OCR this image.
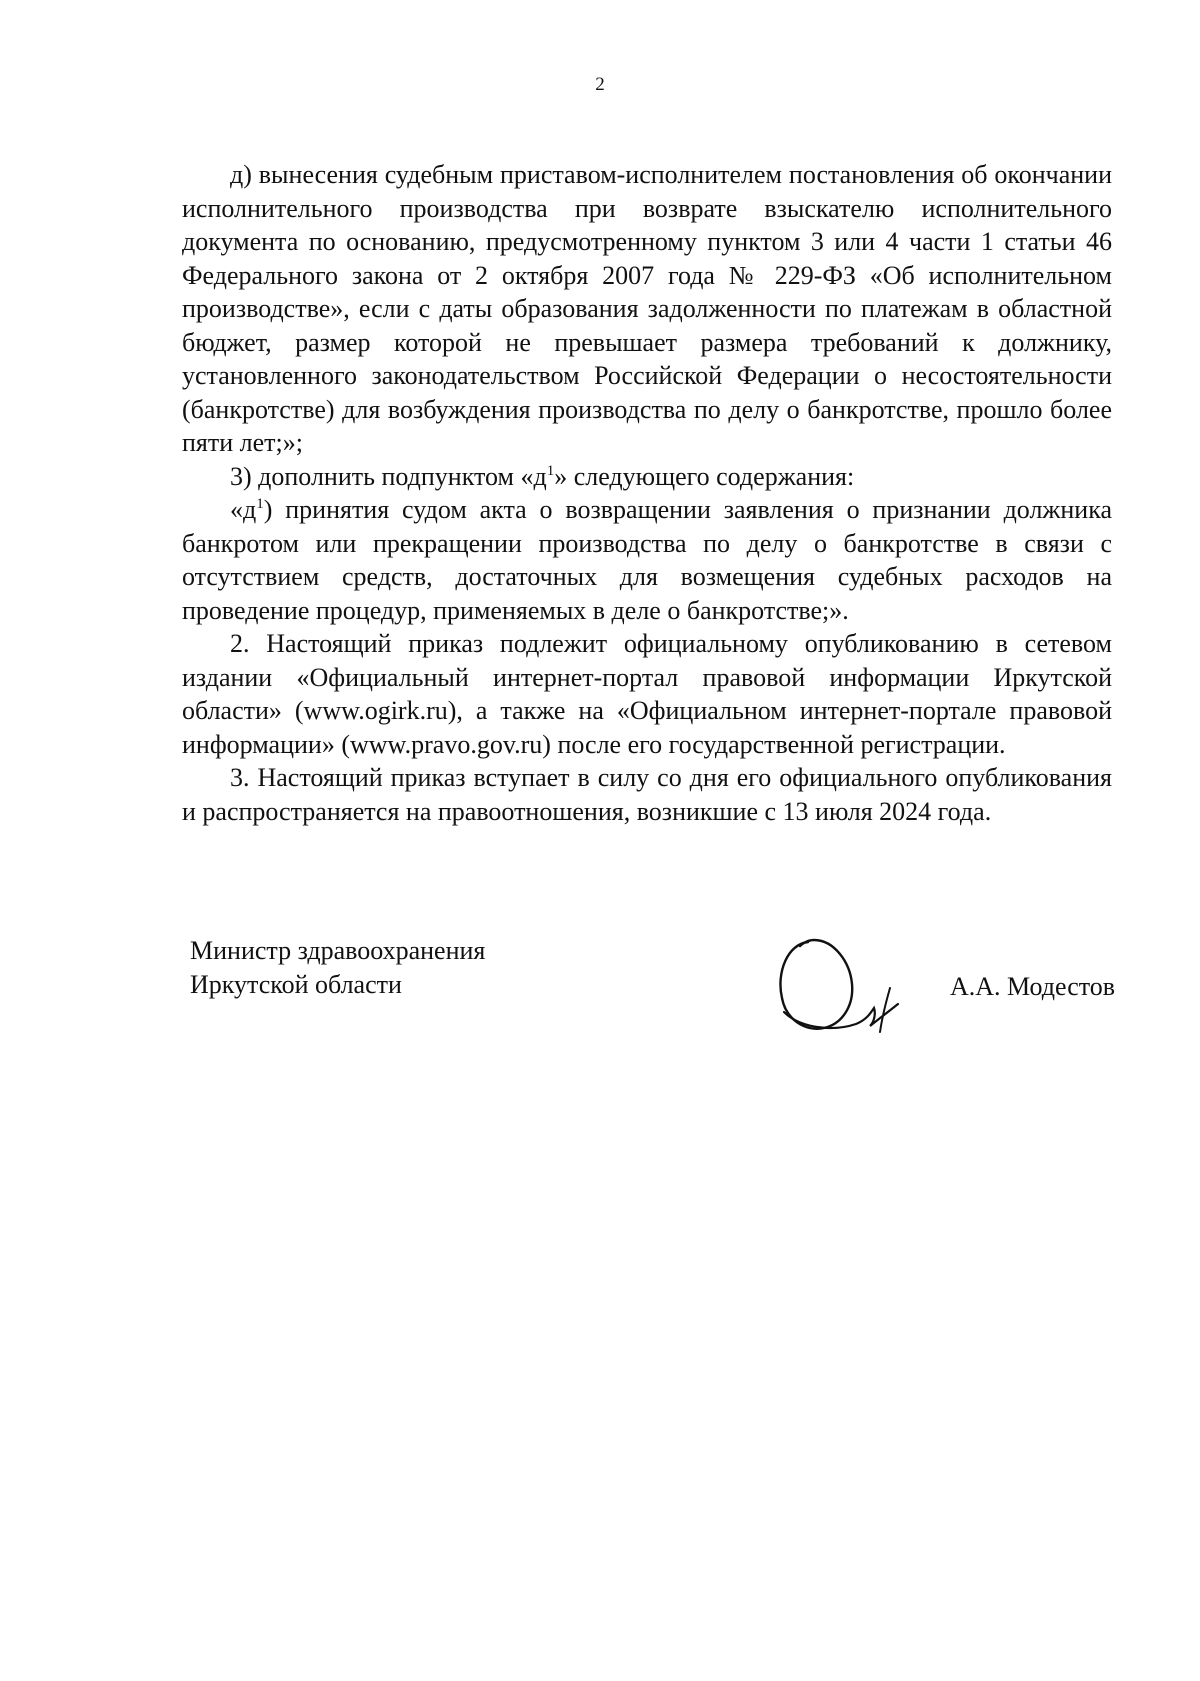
2

д) вынесения судебным приставом-исполнителем постановления об окончании исполнительного производства при возврате взыскателю исполнительного документа по основанию, предусмотренному пунктом 3 или 4 части 1 статьи 46 Федерального закона от 2 октября 2007 года № 229-ФЗ «Об исполнительном производстве», если с даты образования задолженности по платежам в областной бюджет, размер которой не превышает размера требований к должнику, установленного законодательством Российской Федерации о несостоятельности (банкротстве) для возбуждения производства по делу о банкротстве, прошло более пяти лет;»;

3) дополнить подпунктом «$д^1$» следующего содержания:

«$д^1$) принятия судом акта о возвращении заявления о признании должника банкротом или прекращении производства по делу о банкротстве в связи с отсутствием средств, достаточных для возмещения судебных расходов на проведение процедур, применяемых в деле о банкротстве;».

2. Настоящий приказ подлежит официальному опубликованию в сетевом издании «Официальный интернет-портал правовой информации Иркутской области» (www.ogirk.ru), а также на «Официальном интернет-портале правовой информации» (www.pravo.gov.ru) после его государственной регистрации.

3. Настоящий приказ вступает в силу со дня его официального опубликования и распространяется на правоотношения, возникшие с 13 июля 2024 года.

Министр здравоохранения
Иркутской области	А.А. Модестов
